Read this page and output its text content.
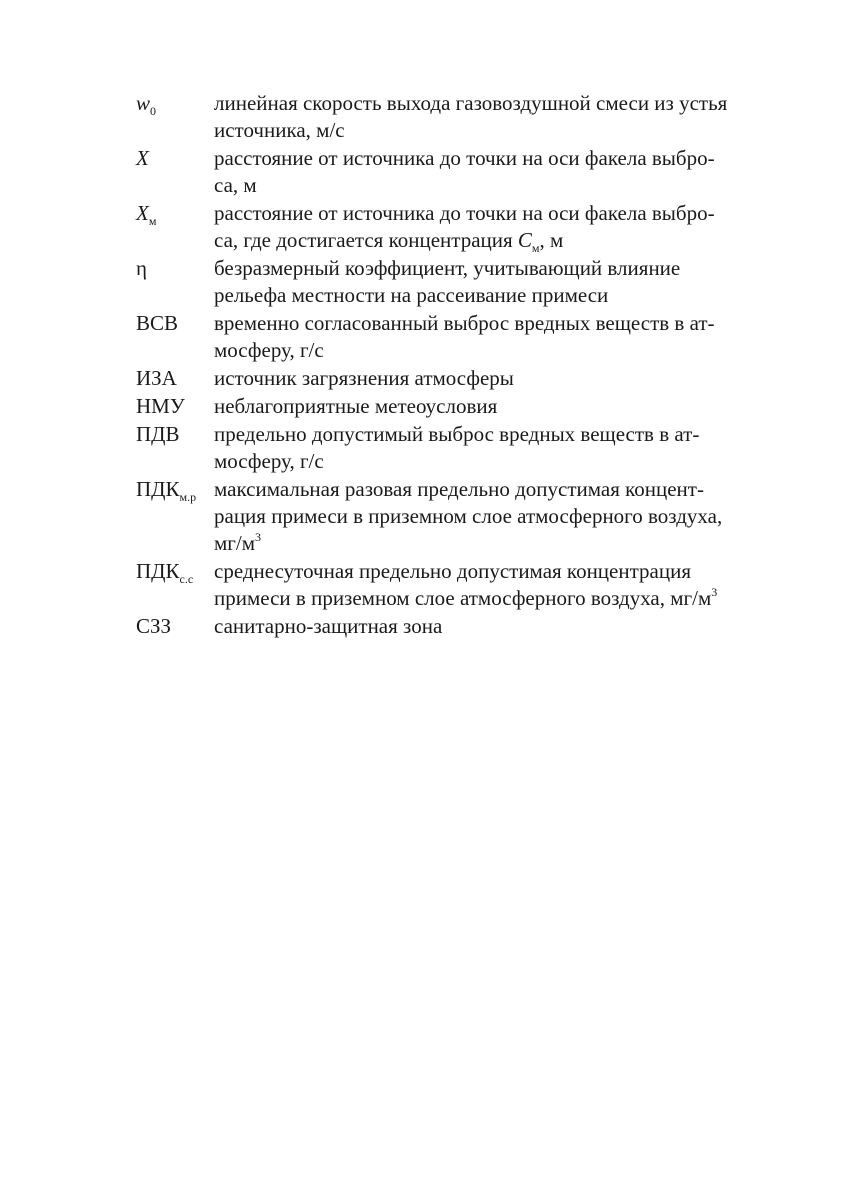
$w_0$	линейная скорость выхода газовоздушной смеси из устья
источника, м/с
X	расстояние от источника до точки на оси факела выбро-
са, м
$X_м$	расстояние от источника до точки на оси факела выбро-
са, где достигается концентрация $C_м$, м
η	безразмерный коэффициент, учитывающий влияние
рельефа местности на рассеивание примеси
ВСВ	временно согласованный выброс вредных веществ в ат-
мосферу, г/с
ИЗА	источник загрязнения атмосферы
НМУ	неблагоприятные метеоусловия
ПДВ	предельно допустимый выброс вредных веществ в ат-
мосферу, г/с
$ПДК_{м.р}$ максимальная разовая предельно допустимая концент-
рация примеси в приземном слое атмосферного воздуха,
$мг/м^3$
$ПДК_{с.с}$ среднесуточная предельно допустимая концентрация
примеси в приземном слое атмосферного воздуха, $мг/м^3$
СЗЗ	санитарно-защитная зона
